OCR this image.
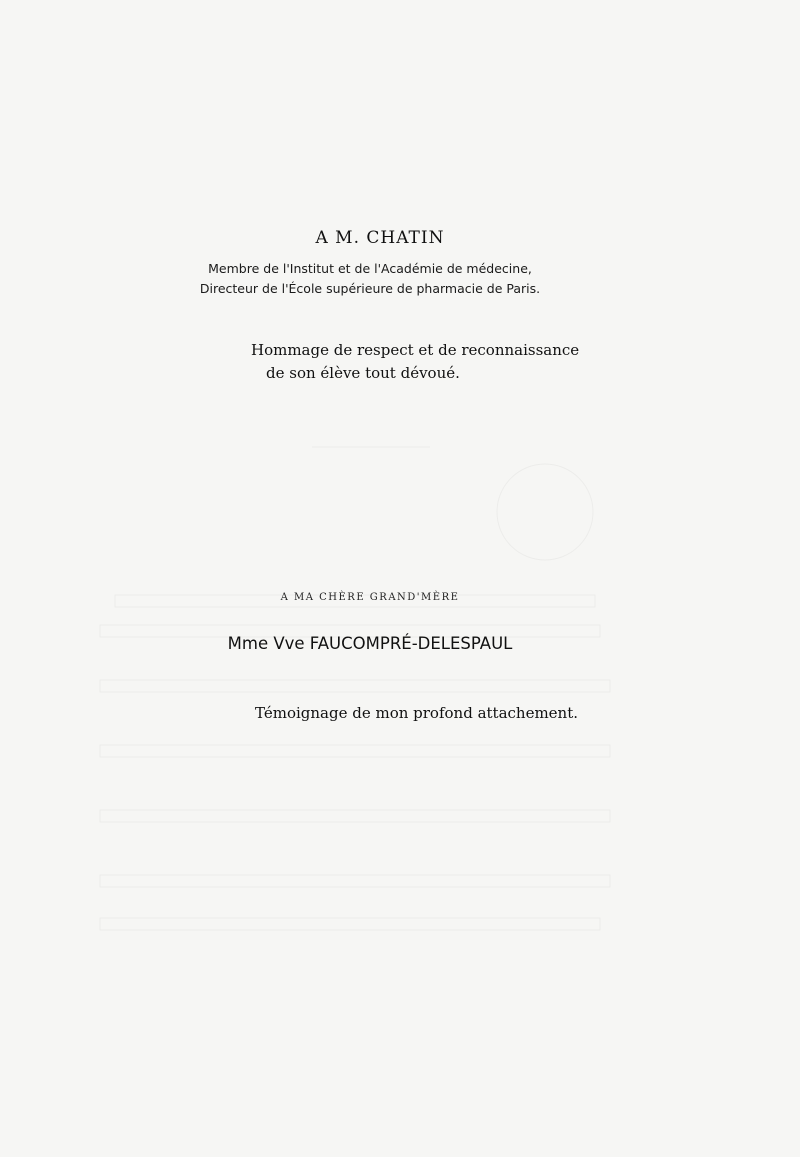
A M. CHATIN
Membre de l'Institut et de l'Académie de médecine,
Directeur de l'École supérieure de pharmacie de Paris.
Hommage de respect et de reconnaissance
de son élève tout dévoué.
A MA CHÈRE GRAND'MÈRE
Mme Vve FAUCOMPRÉ-DELESPAUL
Témoignage de mon profond attachement.
